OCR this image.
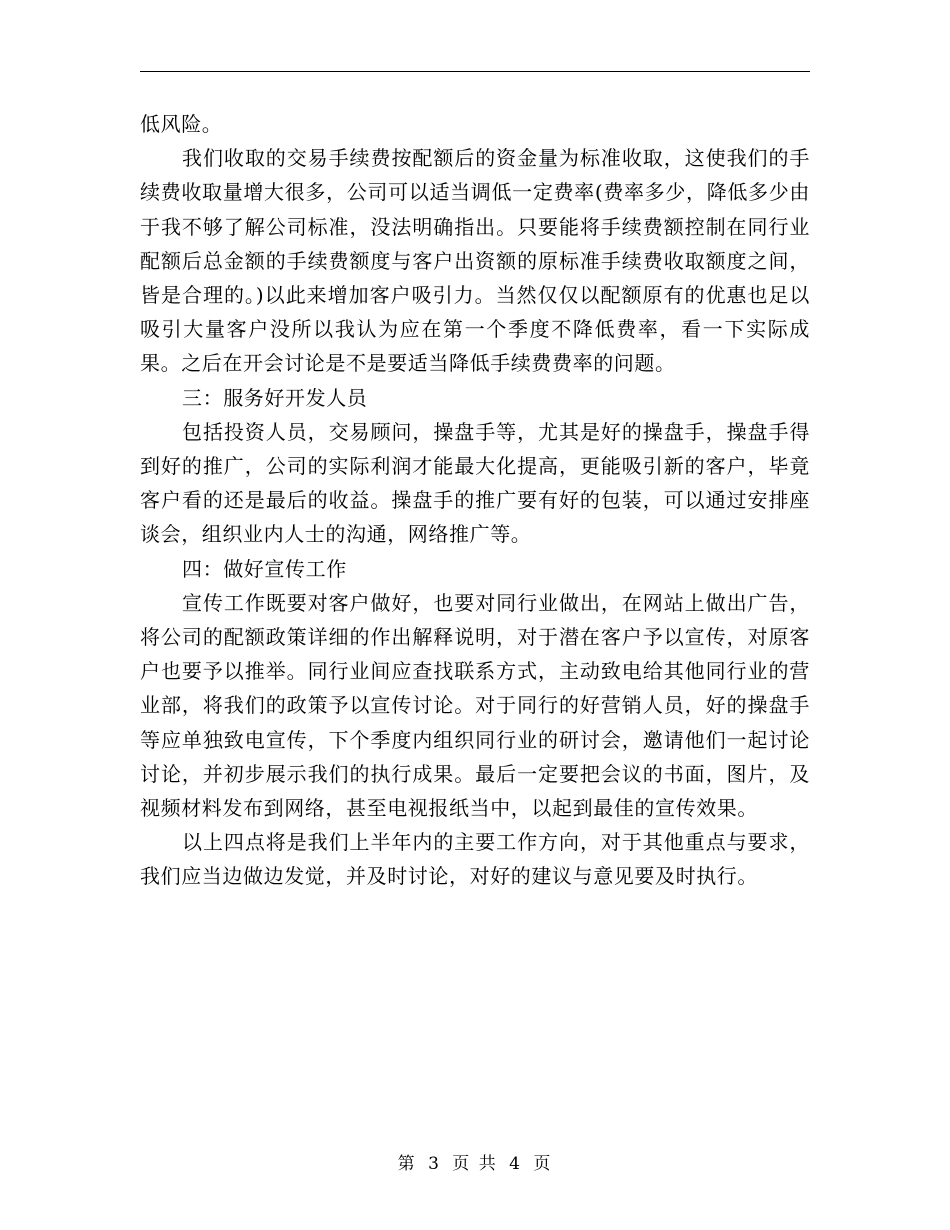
低风险。

我们收取的交易手续费按配额后的资金量为标准收取，这使我们的手续费收取量增大很多，公司可以适当调低一定费率(费率多少，降低多少由于我不够了解公司标准，没法明确指出。只要能将手续费额控制在同行业配额后总金额的手续费额度与客户出资额的原标准手续费收取额度之间，皆是合理的。)以此来增加客户吸引力。当然仅仅以配额原有的优惠也足以吸引大量客户没所以我认为应在第一个季度不降低费率，看一下实际成果。之后在开会讨论是不是要适当降低手续费费率的问题。

三：服务好开发人员

包括投资人员，交易顾问，操盘手等，尤其是好的操盘手，操盘手得到好的推广，公司的实际利润才能最大化提高，更能吸引新的客户，毕竟客户看的还是最后的收益。操盘手的推广要有好的包装，可以通过安排座谈会，组织业内人士的沟通，网络推广等。

四：做好宣传工作

宣传工作既要对客户做好，也要对同行业做出，在网站上做出广告，将公司的配额政策详细的作出解释说明，对于潜在客户予以宣传，对原客户也要予以推举。同行业间应查找联系方式，主动致电给其他同行业的营业部，将我们的政策予以宣传讨论。对于同行的好营销人员，好的操盘手等应单独致电宣传，下个季度内组织同行业的研讨会，邀请他们一起讨论讨论，并初步展示我们的执行成果。最后一定要把会议的书面，图片，及视频材料发布到网络，甚至电视报纸当中，以起到最佳的宣传效果。

以上四点将是我们上半年内的主要工作方向，对于其他重点与要求，我们应当边做边发觉，并及时讨论，对好的建议与意见要及时执行。

第 3 页 共 4 页
